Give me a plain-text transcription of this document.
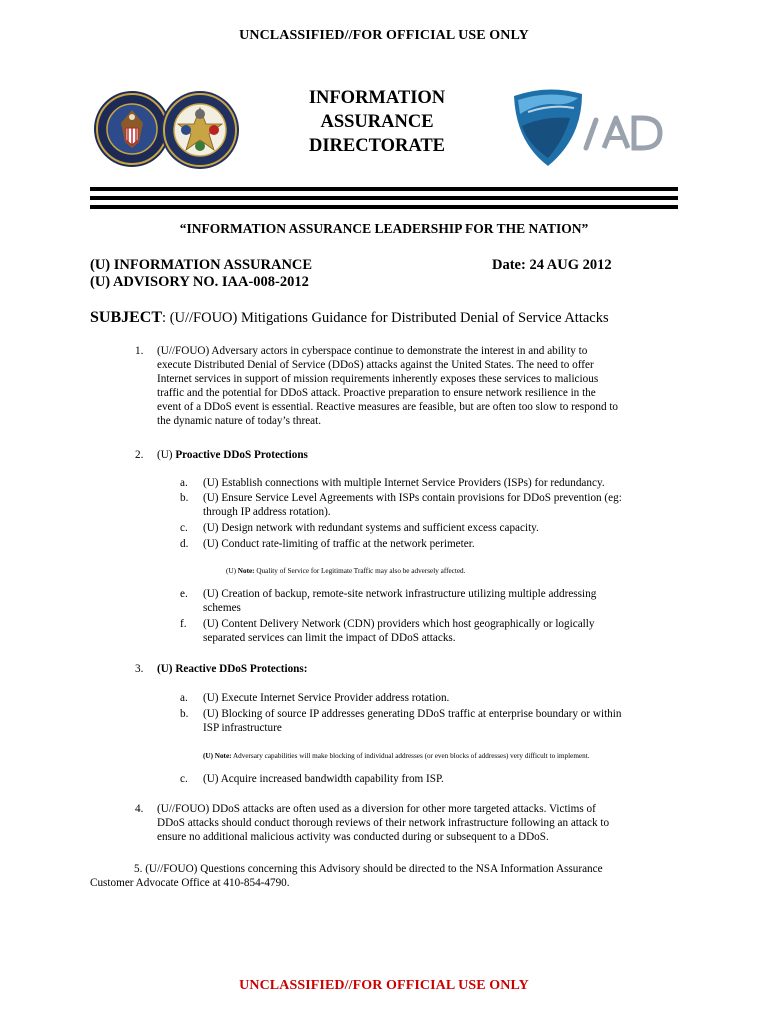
UNCLASSIFIED//FOR OFFICIAL USE ONLY
INFORMATION
ASSURANCE
DIRECTORATE
“INFORMATION ASSURANCE LEADERSHIP FOR THE NATION”
(U) INFORMATION ASSURANCE
(U) ADVISORY NO. IAA-008-2012
Date: 24 AUG 2012
SUBJECT: (U//FOUO) Mitigations Guidance for Distributed Denial of Service Attacks
1. (U//FOUO) Adversary actors in cyberspace continue to demonstrate the interest in and ability to
execute Distributed Denial of Service (DDoS) attacks against the United States. The need to offer
Internet services in support of mission requirements inherently exposes these services to malicious
traffic and the potential for DDoS attack. Proactive preparation to ensure network resilience in the
event of a DDoS event is essential. Reactive measures are feasible, but are often too slow to respond to
the dynamic nature of today’s threat.
2. (U) Proactive DDoS Protections
a. (U) Establish connections with multiple Internet Service Providers (ISPs) for redundancy.
b. (U) Ensure Service Level Agreements with ISPs contain provisions for DDoS prevention (eg:
through IP address rotation).
c. (U) Design network with redundant systems and sufficient excess capacity.
d. (U) Conduct rate-limiting of traffic at the network perimeter.
(U) Note: Quality of Service for Legitimate Traffic may also be adversely affected.
e. (U) Creation of backup, remote-site network infrastructure utilizing multiple addressing
schemes
f. (U) Content Delivery Network (CDN) providers which host geographically or logically
separated services can limit the impact of DDoS attacks.
3. (U) Reactive DDoS Protections:
a. (U) Execute Internet Service Provider address rotation.
b. (U) Blocking of source IP addresses generating DDoS traffic at enterprise boundary or within
ISP infrastructure
(U) Note: Adversary capabilities will make blocking of individual addresses (or even blocks of addresses) very difficult to implement.
c. (U) Acquire increased bandwidth capability from ISP.
4. (U//FOUO) DDoS attacks are often used as a diversion for other more targeted attacks. Victims of
DDoS attacks should conduct thorough reviews of their network infrastructure following an attack to
ensure no additional malicious activity was conducted during or subsequent to a DDoS.
5. (U//FOUO) Questions concerning this Advisory should be directed to the NSA Information Assurance
Customer Advocate Office at 410-854-4790.
UNCLASSIFIED//FOR OFFICIAL USE ONLY
